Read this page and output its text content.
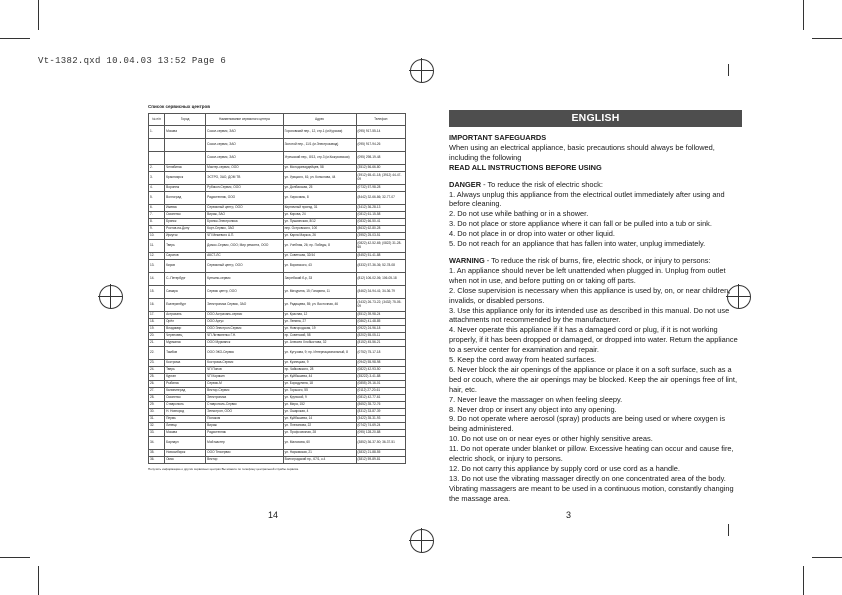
Vt-1382.qxd 10.04.03 13:52 Page 6
Список сервисных центров
№ п/п	Город	Наименование сервисного центра	Адрес	Телефон
1.	Москва	Сокол-сервис, ЗАО	Гороховский пер., 12, стр.1 (м.Курская)	(095) 917-55-14
		Сокол-сервис, ЗАО	Золотой пер., 11/1 (м.Электрозавод)	(095) 917-94-26
		Сокол-сервис, ЗАО	Угрешский пер., 8/13, стр.3 (м.Кожуховская)	(095) 298-19-48
2.	Челябинск	Мастер-сервис, ООО	ул. Молодогвардейцев, 58	(3512) 56-66-80
3.	Красноярск	ЭСТРО, ЗАО, ДОМ ТВ	ул. Урицкого, 61; ул. Копылова, 44	(3912) 65-41-18; (3912) 44-47-09
4.	Воронеж	Рубикон-Сервис, ООО	ул. Донбасская, 25	(0732) 57-98-28
5.	Волгоград	Радиотехник, ООО	ул. Хиросимы, 8	(8442) 32-66-86; 32-77-07
6.	Ижевск	Сервисный центр, ООО	Кирпичный проезд, 31	(3412) 36-28-13
7.	Смоленск	Вираж, ЗАО	ул. Кирова, 24	(0812) 61-15-58
8.	Брянск	Брянск-Электроника	ул. Пушкинская, 8/12	(0832) 66-50-41
9.	Ростов-на-Дону	Корт-Сервис, ЗАО	пер. Островского, 100	(8632) 62-80-28
10.	Иркутск	ЧП Межевого А.П.	ул. Карла Маркса, 26	(3952) 25-03-51
11.	Тверь	Домос-Сервис, ООО; Мир ремонта, ООО	ул. Учебная, 26; пр. Победы, 8	(0822) 42-52-65; (0822) 31-28-65
12.	Саратов	АКСТ-ЛС	ул. Советская, 32/44	(8452) 51-41-88
13.	Киров	Сервисный центр, ООО	ул. Воровского, 43	(8332) 57-36-36; 52-78-08
14.	С.-Петербург	Купчино-сервис	Загребский б-р, 33	(812) 106-02-06; 106-05-18
15.	Самара	Сервис центр, ООО	ул. Мичурина, 15; Гагарина, 11	(8462) 34-94-41; 34-36-79
16.	Екатеринбург	Электроника Сервис, ЗАО	ул. Радищева, 55; ул. Восточная, 46	(3432) 26-73-22; (3432) 75-05-09
17.	Астрахань	ООО Астрахань-сервис	ул. Красная, 12	(8512) 39-98-24
18.	Орёл	ООО Аргус	ул. Ленина, 27	(0862) 41-48-85
19.	Владимир	ООО Электрон-Сервис	ул. Новгородская, 19	(0922) 24-96-18
20.	Череповец	ЧП Литвиненко Г.Н.	пр. Советский, 58	(8202) 55-05-11
21.	Мурманск	ООО Мурманск	ул. Алексея Хлобыстова, 32	(8152) 45-56-21
22.	Тамбов	ООО ЭКО-Сервис	ул. Кутузова, 9; пр. Интернациональный, 8	(0752) 75-17-18
23.	Кострома	Кострома-Сервис	ул. Кузнецкая, 9	(0942) 55-98-98
24.	Тверь	ЧП Попов	пр. Чайковского, 28	(0822) 42-93-50
25.	Курган	ЧП Корякин	ул. Куйбышева, 44	(35222) 3-41-88
26.	Рыбинск	Сервис-М	ул. Бородулина, 18	(0855) 29-16-01
27.	Калининград	Вектор-Сервис	ул. Горького, 55	(0112) 27-20-61
28.	Смоленск	Электроника	ул. Крупской, 9	(0812) 42-77-61
29.	Ставрополь	Ставрополь-Сервис	ул. Мира, 152	(8652) 35-72-76
30.	Н. Новгород	Элекстрон, ООО	ул. Ошарская, 4	(8312) 33-87-39
31.	Пермь	Полаком	ул. Куйбышева, 14	(3422) 35-31-93
32.	Липецк	Вираж	ул. Плеханова, 22	(0742) 74-69-24
33.	Москва	Радиотехник	ул. Профсоюзная, 28	(095) 128-20-88
34.	Барнаул	Мой мастер	ул. Малахова, 60	(3852) 36-37-50; 36-37-51
35.	Новосибирск	ООО Техсервис	ул. Нарымская, 21	(3832) 21-88-55
36.	Омск	Вектор	Волгоградский пр., 67/1, к.4	(3812) 59-89-81
Получить информацию о других сервисных центрах Вы можете по телефону центральной службы сервиса.
14
ENGLISH

IMPORTANT SAFEGUARDS

When using an electrical appliance, basic precautions should always be followed, including the following

READ ALL INSTRUCTIONS BEFORE USING

DANGER - To reduce the risk of electric shock:

1. Always unplug this appliance from the electrical outlet immediately after using and before cleaning.

2. Do not use while bathing or in a shower.

3. Do not place or store appliance where it can fall or be pulled into a tub or sink.

4. Do not place in or drop into water or other liquid.

5. Do not reach for an appliance that has fallen into water, unplug immediately.

WARNING - To reduce the risk of burns, fire, electric shock, or injury to persons:

1. An appliance should never be left unattended when plugged in. Unplug from outlet when not in use, and before putting on or taking off parts.

2. Close supervision is necessary when this appliance is used by, on, or near children, invalids, or disabled persons.

3. Use this appliance only for its intended use as described in this manual. Do not use attachments not recommended by the manufacturer.

4. Never operate this appliance if it has a damaged cord or plug, if it is not working properly, if it has been dropped or damaged, or dropped into water. Return the appliance to a service center for examination and repair.

5. Keep the cord away from heated surfaces.

6. Never block the air openings of the appliance or place it on a soft surface, such as a bed or couch, where the air openings may be blocked. Keep the air openings free of lint, hair, etc.

7. Never leave the massager on when feeling sleepy.

8. Never drop or insert any object into any opening.

9. Do not operate where aerosol (spray) products are being used or where oxygen is being administered.

10. Do not use on or near eyes or other highly sensitive areas.

11. Do not operate under blanket or pillow. Excessive heating can occur and cause fire, electric shock, or injury to persons.

12. Do not carry this appliance by supply cord or use cord as a handle.

13. Do not use the vibrating massager directly on one concentrated area of the body. Vibrating massagers are meant to be used in a continuous motion, constantly changing the massage area.

3
